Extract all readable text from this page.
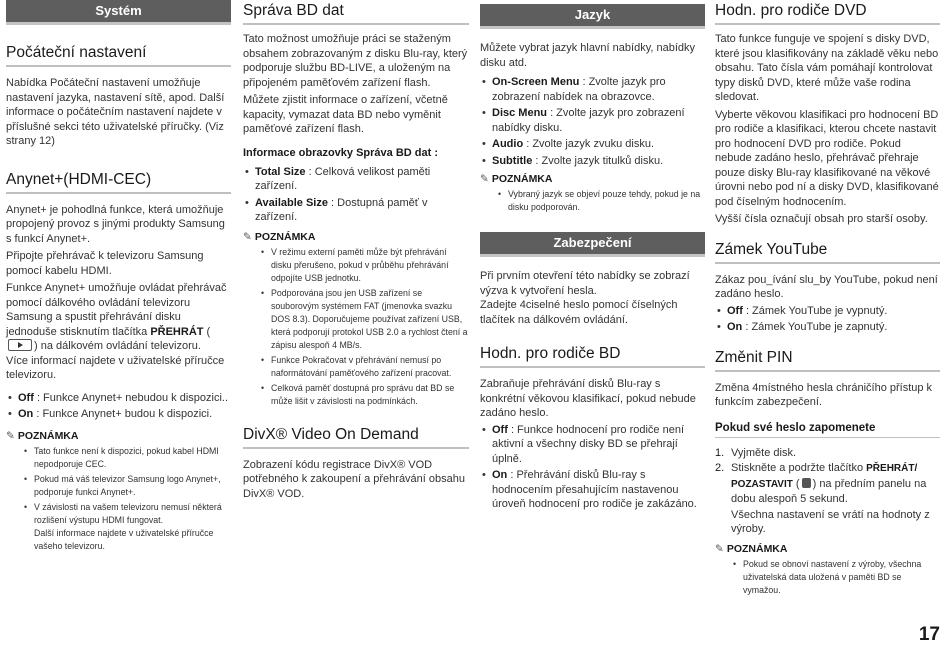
Systém
Počáteční nastavení

Nabídka Počáteční nastavení umožňuje nastavení jazyka, nastavení sítě, apod. Další informace o počátečním nastavení najdete v příslušné sekci této uživatelské příručky. (Viz strany 12)

Anynet+(HDMI-CEC)

Anynet+ je pohodlná funkce, která umožňuje propojený provoz s jinými produkty Samsung s funkcí Anynet+.

Připojte přehrávač k televizoru Samsung pomocí kabelu HDMI.

Funkce Anynet+ umožňuje ovládat přehrávač pomocí dálkového ovládání televizoru Samsung a spustit přehrávání disku jednoduše stisknutím tlačítka PŘEHRÁT () na dálkovém ovládání televizoru.

Více informací najdete v uživatelské příručce televizoru.

• Off : Funkce Anynet+ nebudou k dispozici..
• On : Funkce Anynet+ budou k dispozici.
✎ POZNÁMKA
• Tato funkce není k dispozici, pokud kabel HDMI nepodporuje CEC.
• Pokud má váš televizor Samsung logo Anynet+, podporuje funkci Anynet+.
• V závislosti na vašem televizoru nemusí některá rozlišení výstupu HDMI fungovat.
Další informace najdete v uživatelské příručce vašeho televizoru.
Správa BD dat

Tato možnost umožňuje práci se staženým obsahem zobrazovaným z disku Blu-ray, který podporuje službu BD-LIVE, a uloženým na připojeném paměťovém zařízení flash.

Můžete zjistit informace o zařízení, včetně kapacity, vymazat data BD nebo vyměnit paměťové zařízení flash.

Informace obrazovky Správa BD dat :
• Total Size : Celková velikost paměti zařízení.
• Available Size : Dostupná paměť v zařízení.
✎ POZNÁMKA
• V režimu externí paměti může být přehrávání disku přerušeno, pokud v průběhu přehrávání odpojíte USB jednotku.
• Podporována jsou jen USB zařízení se souborovým systémem FAT (jmenovka svazku DOS 8.3). Doporučujeme používat zařízení USB, která podporují protokol USB 2.0 a rychlost čtení a zápisu alespoň 4 MB/s.
• Funkce Pokračovat v přehrávání nemusí po naformátování paměťového zařízení pracovat.
• Celková paměť dostupná pro správu dat BD se může lišit v závislosti na podmínkách.
DivX® Video On Demand

Zobrazení kódu registrace DivX® VOD potřebného k zakoupení a přehrávání obsahu DivX® VOD.

Jazyk

Můžete vybrat jazyk hlavní nabídky, nabídky disku atd.

• On-Screen Menu : Zvolte jazyk pro zobrazení nabídek na obrazovce.
• Disc Menu : Zvolte jazyk pro zobrazení nabídky disku.
• Audio : Zvolte jazyk zvuku disku.
• Subtitle : Zvolte jazyk titulků disku.
✎ POZNÁMKA
• Vybraný jazyk se objeví pouze tehdy, pokud je na disku podporován.
Zabezpečení

Při prvním otevření této nabídky se zobrazí výzva k vytvoření hesla.

Zadejte 4ciselné heslo pomocí číselných tlačítek na dálkovém ovládání.

Hodn. pro rodiče BD

Zabraňuje přehrávání disků Blu-ray s konkrétní věkovou klasifikací, pokud nebude zadáno heslo.

• Off : Funkce hodnocení pro rodiče není aktivní a všechny disky BD se přehrají úplně.
• On : Přehrávání disků Blu-ray s hodnocením přesahujícím nastavenou úroveň hodnocení pro rodiče je zakázáno.
Hodn. pro rodiče DVD

Tato funkce funguje ve spojení s disky DVD, které jsou klasifikovány na základě věku nebo obsahu. Tato čísla vám pomáhají kontrolovat typy disků DVD, které může vaše rodina sledovat.

Vyberte věkovou klasifikaci pro hodnocení BD pro rodiče a klasifikaci, kterou chcete nastavit pro hodnocení DVD pro rodiče. Pokud nebude zadáno heslo, přehrávač přehraje pouze disky Blu-ray klasifikované na věkové úrovni nebo pod ní a disky DVD, klasifikované pod číselným hodnocením.

Vyšší čísla označují obsah pro starší osoby.

Zámek YouTube

Zákaz pou_ívání slu_by YouTube, pokud není zadáno heslo.

• Off : Zámek YouTube je vypnutý.
• On : Zámek YouTube je zapnutý.
Změnit PIN

Změna 4místného hesla chráničího přístup k funkcím zabezpečení.

Pokud své heslo zapomenete
1. Vyjměte disk.
2. Stiskněte a podržte tlačítko PŘEHRÁT/ POZASTAVIT ( ) na předním panelu na dobu alespoň 5 sekund.
Všechna nastavení se vrátí na hodnoty z výroby.
✎ POZNÁMKA
• Pokud se obnoví nastavení z výroby, všechna uživatelská data uložená v paměti BD se vymažou.
17
